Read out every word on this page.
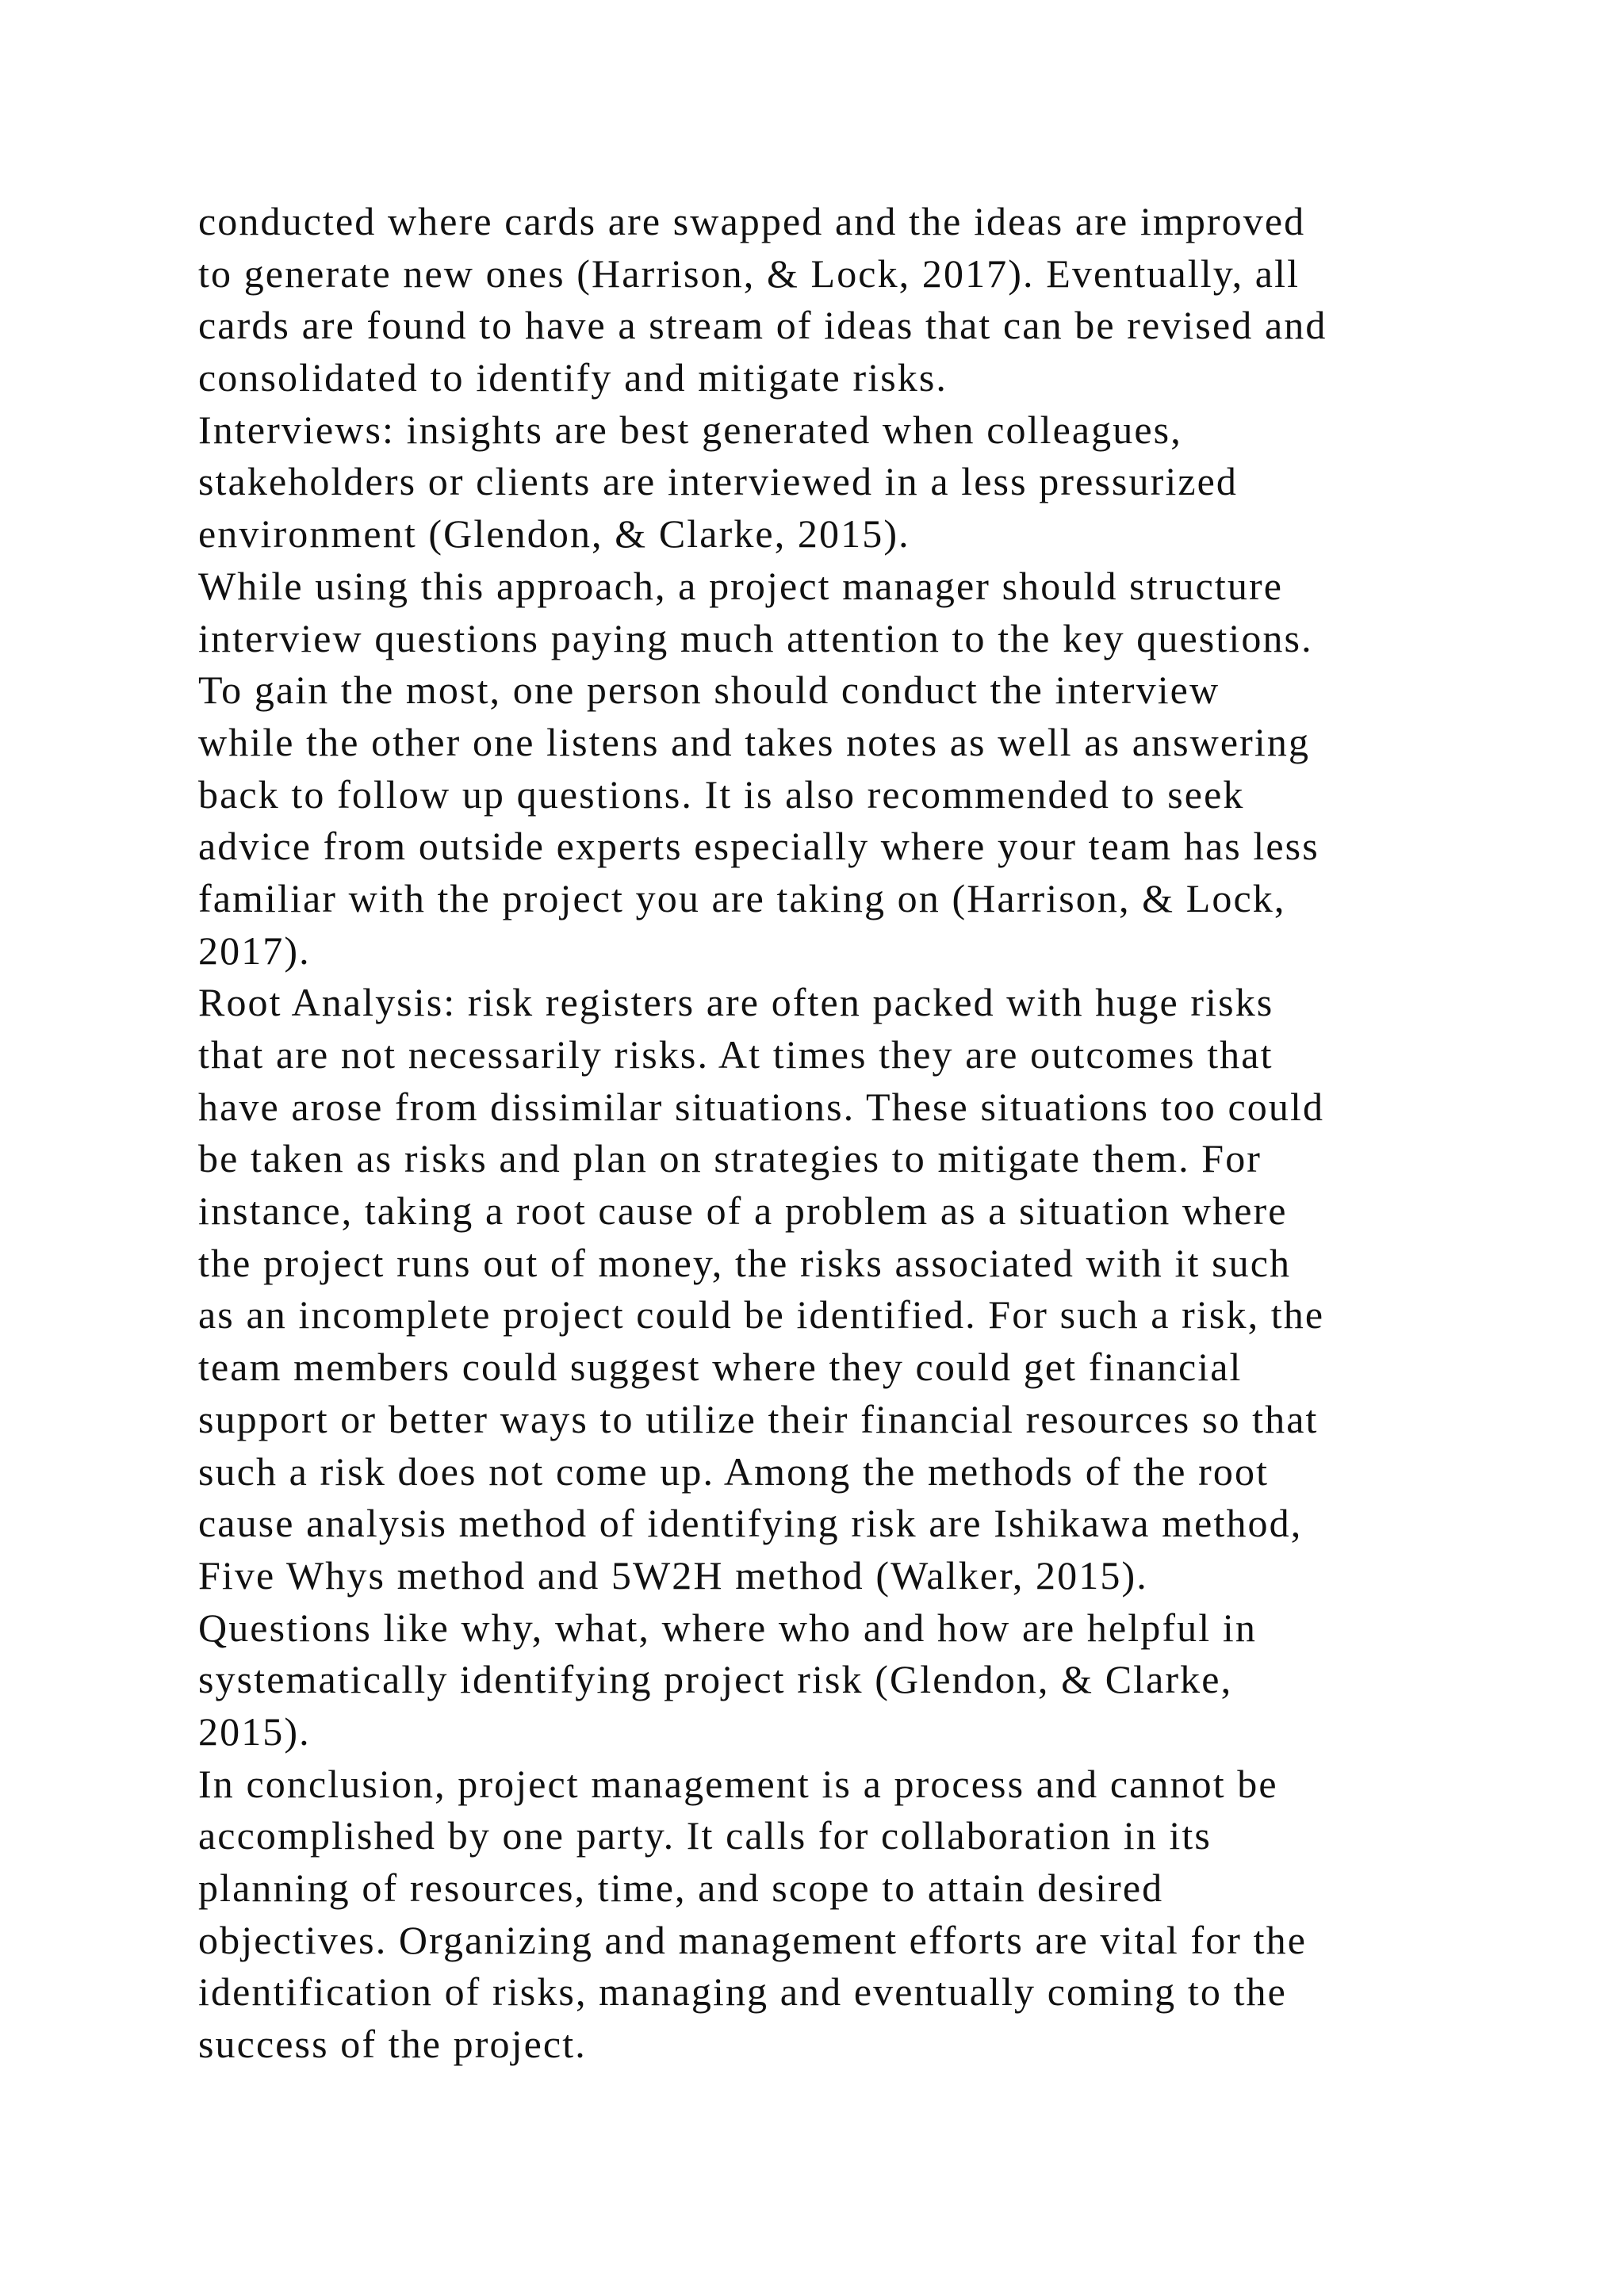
conducted where cards are swapped and the ideas are improved
to generate new ones (Harrison, & Lock, 2017). Eventually, all
cards are found to have a stream of ideas that can be revised and
consolidated to identify and mitigate risks.
Interviews: insights are best generated when colleagues,
stakeholders or clients are interviewed in a less pressurized
environment (Glendon, & Clarke, 2015).
While using this approach, a project manager should structure
interview questions paying much attention to the key questions.
To gain the most, one person should conduct the interview
while the other one listens and takes notes as well as answering
back to follow up questions. It is also recommended to seek
advice from outside experts especially where your team has less
familiar with the project you are taking on (Harrison, & Lock,
2017).
Root Analysis: risk registers are often packed with huge risks
that are not necessarily risks. At times they are outcomes that
have arose from dissimilar situations. These situations too could
be taken as risks and plan on strategies to mitigate them. For
instance, taking a root cause of a problem as a situation where
the project runs out of money, the risks associated with it such
as an incomplete project could be identified. For such a risk, the
team members could suggest where they could get financial
support or better ways to utilize their financial resources so that
such a risk does not come up. Among the methods of the root
cause analysis method of identifying risk are Ishikawa method,
Five Whys method and 5W2H method (Walker, 2015).
Questions like why, what, where who and how are helpful in
systematically identifying project risk (Glendon, & Clarke,
2015).
In conclusion, project management is a process and cannot be
accomplished by one party. It calls for collaboration in its
planning of resources, time, and scope to attain desired
objectives. Organizing and management efforts are vital for the
identification of risks, managing and eventually coming to the
success of the project.
